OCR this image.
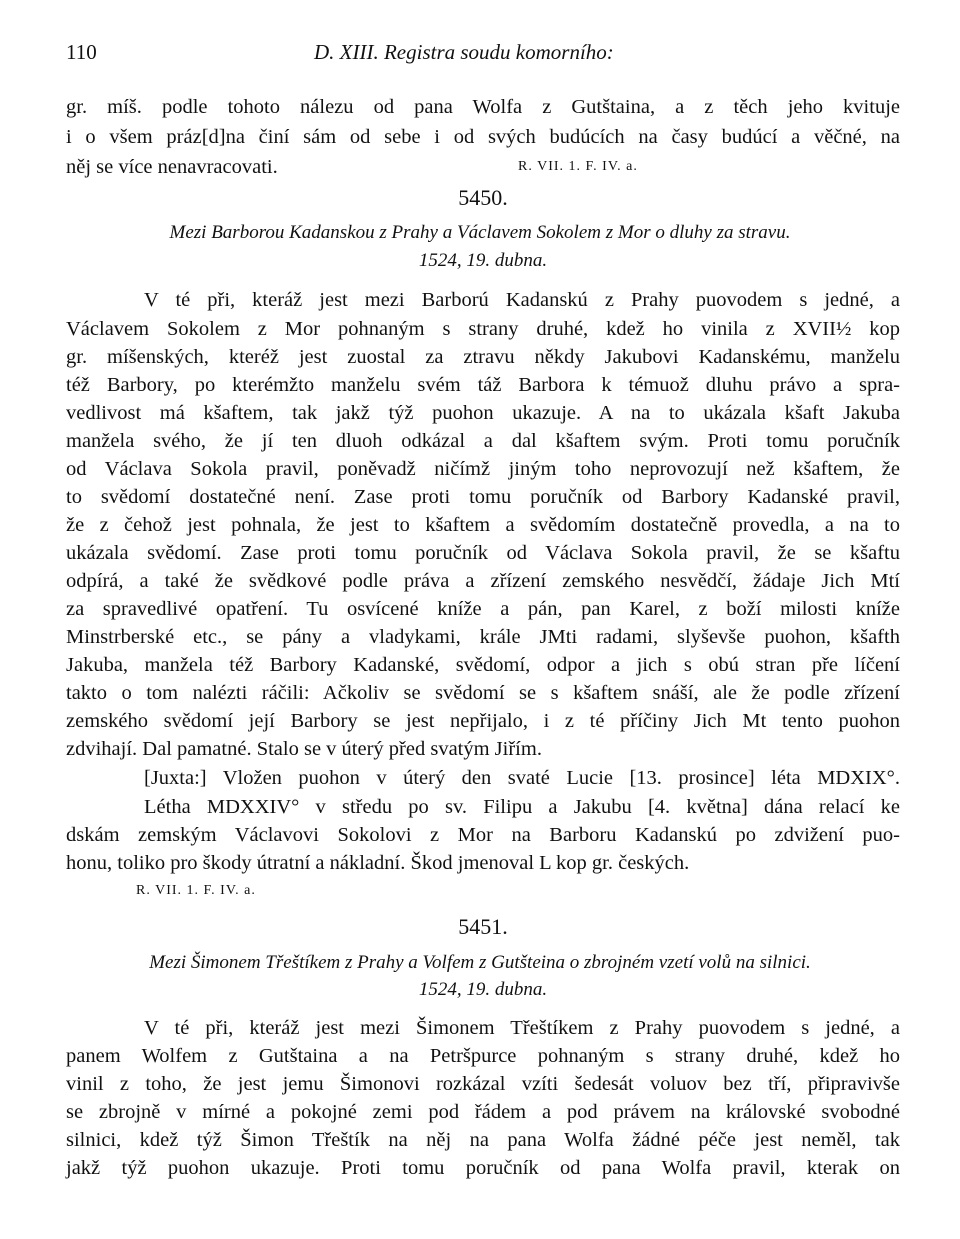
110	D. XIII. Registra soudu komorního:
gr. míš. podle tohoto nálezu od pana Wolfa z Gutštaina, a z těch jeho kvituje
i o všem práz[d]na činí sám od sebe i od svých budúcích na časy budúcí a věčné, na
něj se více nenavracovati.	R. VII. 1. F. IV. a.
5450.
Mezi Barborou Kadanskou z Prahy a Václavem Sokolem z Mor o dluhy za stravu.
1524, 19. dubna.
V té při, kteráž jest mezi Barború Kadanskú z Prahy puovodem s jedné, a
Václavem Sokolem z Mor pohnaným s strany druhé, kdež ho vinila z XVII½ kop
gr. míšenských, kteréž jest zuostal za ztravu někdy Jakubovi Kadanskému, manželu
též Barbory, po kterémžto manželu svém táž Barbora k témuož dluhu právo a spra-
vedlivost má kšaftem, tak jakž týž puohon ukazuje. A na to ukázala kšaft Jakuba
manžela svého, že jí ten dluoh odkázal a dal kšaftem svým. Proti tomu poručník
od Václava Sokola pravil, poněvadž ničímž jiným toho neprovozují než kšaftem, že
to svědomí dostatečné není. Zase proti tomu poručník od Barbory Kadanské pravil,
že z čehož jest pohnala, že jest to kšaftem a svědomím dostatečně provedla, a na to
ukázala svědomí. Zase proti tomu poručník od Václava Sokola pravil, že se kšaftu
odpírá, a také že svědkové podle práva a zřízení zemského nesvědčí, žádaje Jich Mtí
za spravedlivé opatření. Tu osvícené kníže a pán, pan Karel, z boží milosti kníže
Minstrberské etc., se pány a vladykami, krále JMti radami, slyševše puohon, kšafth
Jakuba, manžela též Barbory Kadanské, svědomí, odpor a jich s obú stran pře líčení
takto o tom nalézti ráčili: Ačkoliv se svědomí se s kšaftem snáší, ale že podle zřízení
zemského svědomí její Barbory se jest nepřijalo, i z té příčiny Jich Mt tento puohon
zdvihají. Dal pamatné. Stalo se v úterý před svatým Jiřím.
[Juxta:] Vložen puohon v úterý den svaté Lucie [13. prosince] léta MDXIX°.
Létha MDXXIV° v středu po sv. Filipu a Jakubu [4. května] dána relací ke
dskám zemským Václavovi Sokolovi z Mor na Barboru Kadanskú po zdvižení puo-
honu, toliko pro škody útratní a nákladní. Škod jmenoval L kop gr. českých.
R. VII. 1. F. IV. a.
5451.
Mezi Šimonem Třeštíkem z Prahy a Volfem z Gutšteina o zbrojném vzetí volů na silnici.
1524, 19. dubna.
V té při, kteráž jest mezi Šimonem Třeštíkem z Prahy puovodem s jedné, a
panem Wolfem z Gutštaina a na Petršpurce pohnaným s strany druhé, kdež ho
vinil z toho, že jest jemu Šimonovi rozkázal vzíti šedesát voluov bez tří, připravivše
se zbrojně v mírné a pokojné zemi pod řádem a pod právem na královské svobodné
silnici, kdež týž Šimon Třeštík na něj na pana Wolfa žádné péče jest neměl, tak
jakž týž puohon ukazuje. Proti tomu poručník od pana Wolfa pravil, kterak on
